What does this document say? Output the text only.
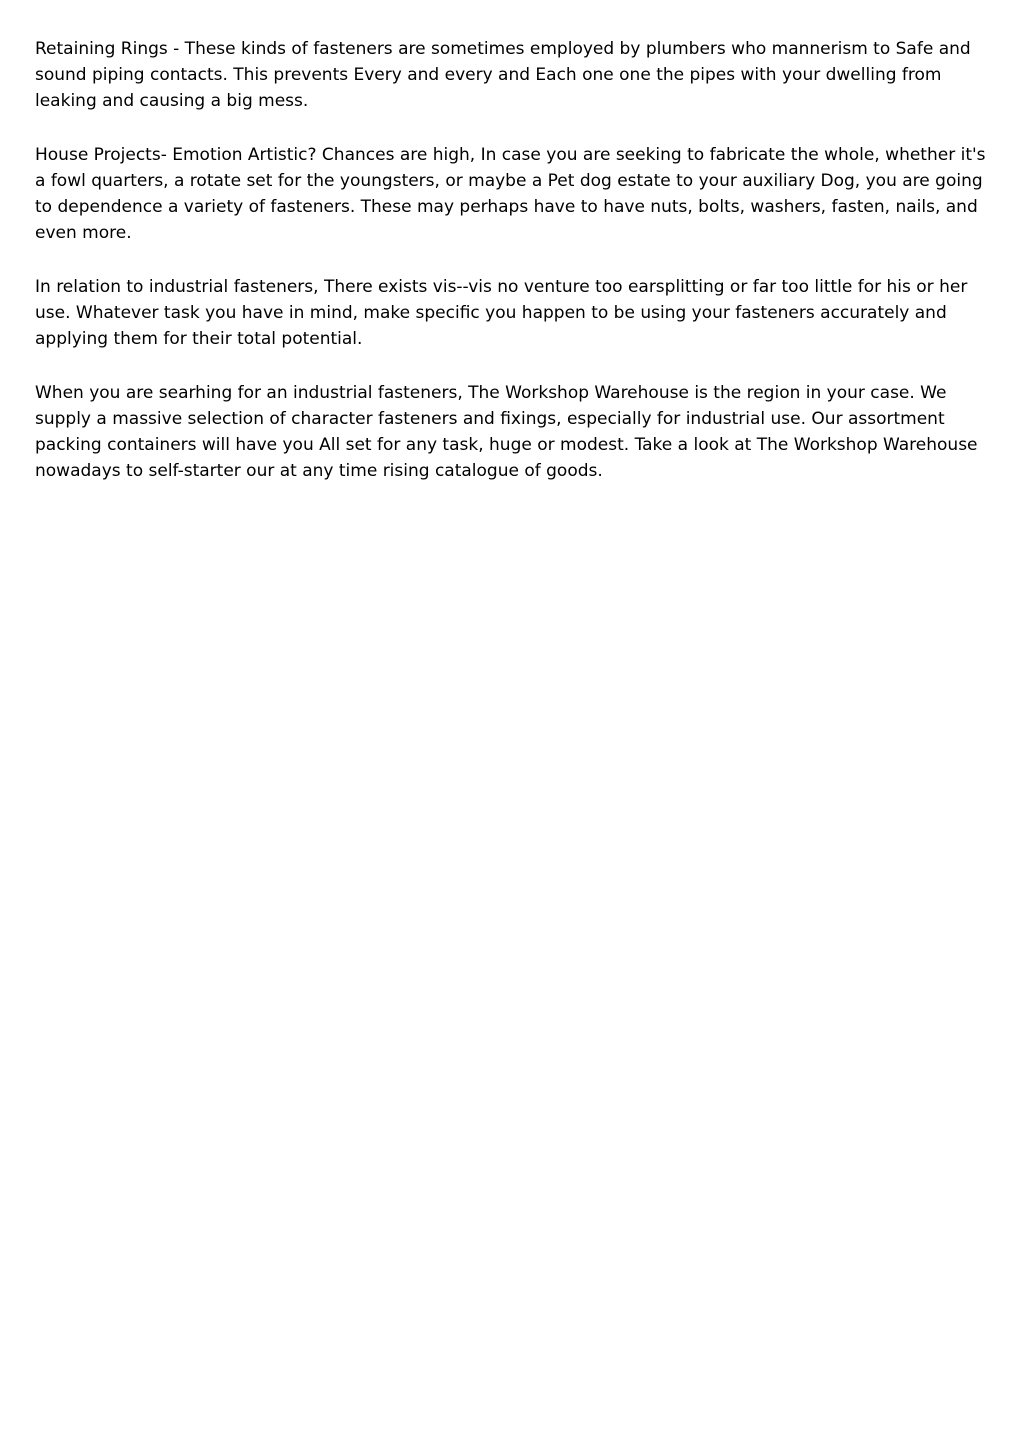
Retaining Rings - These kinds of fasteners are sometimes employed by plumbers who mannerism to Safe and sound piping contacts. This prevents Every and every and Each one one the pipes with your dwelling from leaking and causing a big mess.

House Projects- Emotion Artistic? Chances are high, In case you are seeking to fabricate the whole, whether it's a fowl quarters, a rotate set for the youngsters, or maybe a Pet dog estate to your auxiliary Dog, you are going to dependence a variety of fasteners. These may perhaps have to have nuts, bolts, washers, fasten, nails, and even more.

In relation to industrial fasteners, There exists vis--vis no venture too earsplitting or far too little for his or her use. Whatever task you have in mind, make specific you happen to be using your fasteners accurately and applying them for their total potential.

When you are searhing for an industrial fasteners, The Workshop Warehouse is the region in your case. We supply a massive selection of character fasteners and fixings, especially for industrial use. Our assortment packing containers will have you All set for any task, huge or modest. Take a look at The Workshop Warehouse nowadays to self-starter our at any time rising catalogue of goods.
